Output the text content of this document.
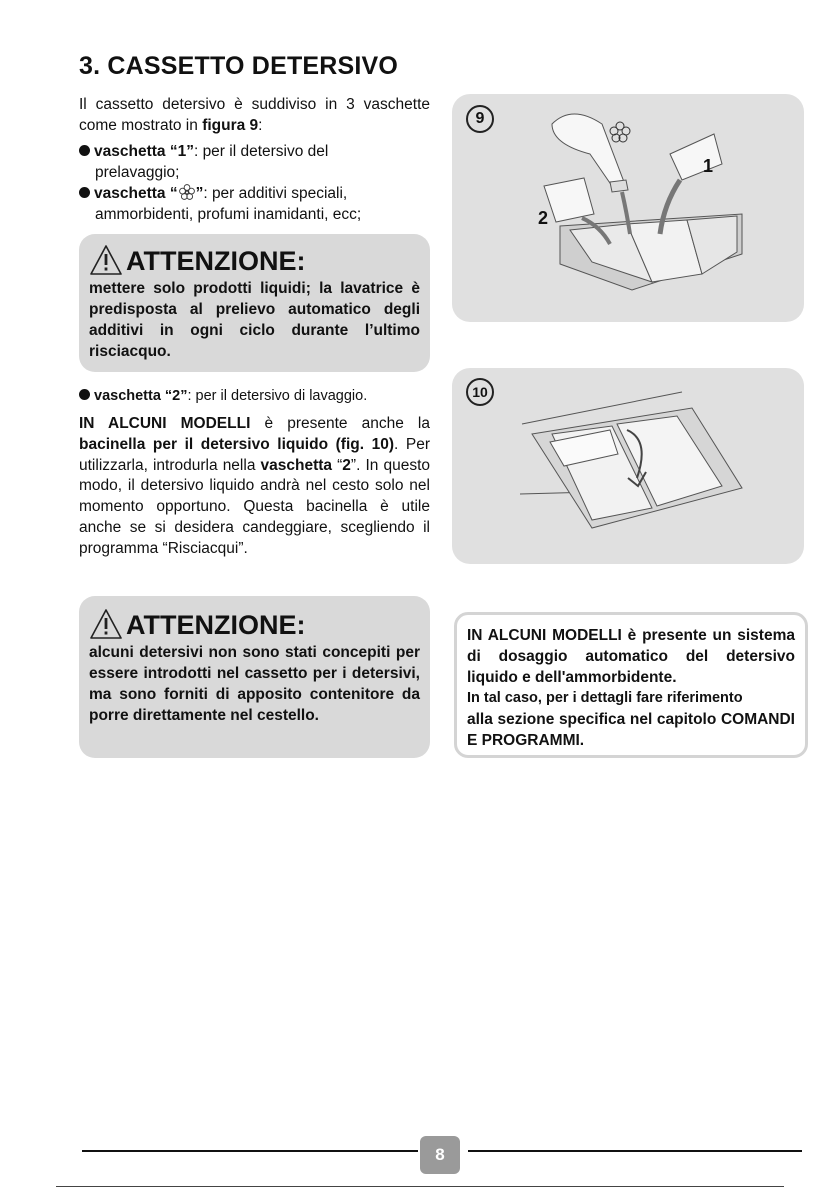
3. CASSETTO DETERSIVO
Il cassetto detersivo è suddiviso in 3 vaschette come mostrato in figura 9:
vaschetta “1”: per il detersivo del
prelavaggio;
vaschetta “ ”: per additivi speciali,
ammorbidenti, profumi inamidanti, ecc;
ATTENZIONE:
mettere solo prodotti liquidi; la lavatrice è predisposta al prelievo automatico degli additivi in ogni ciclo durante l’ultimo risciacquo.
vaschetta “2”: per il detersivo di lavaggio.
IN ALCUNI MODELLI è presente anche la bacinella per il detersivo liquido (fig. 10). Per utilizzarla, introdurla nella vaschetta “2”. In questo modo, il detersivo liquido andrà nel cesto solo nel momento opportuno. Questa bacinella è utile anche se si desidera candeggiare, scegliendo il programma “Risciacqui”.
ATTENZIONE:
alcuni detersivi non sono stati concepiti per essere introdotti nel cassetto per i detersivi, ma sono forniti di apposito contenitore da porre direttamente nel cestello.
9
1
2
10
IN ALCUNI MODELLI è presente un sistema di dosaggio automatico del detersivo liquido e dell'ammorbidente.
In tal caso, per i dettagli fare riferimento
alla sezione specifica nel capitolo COMANDI E PROGRAMMI.
8
